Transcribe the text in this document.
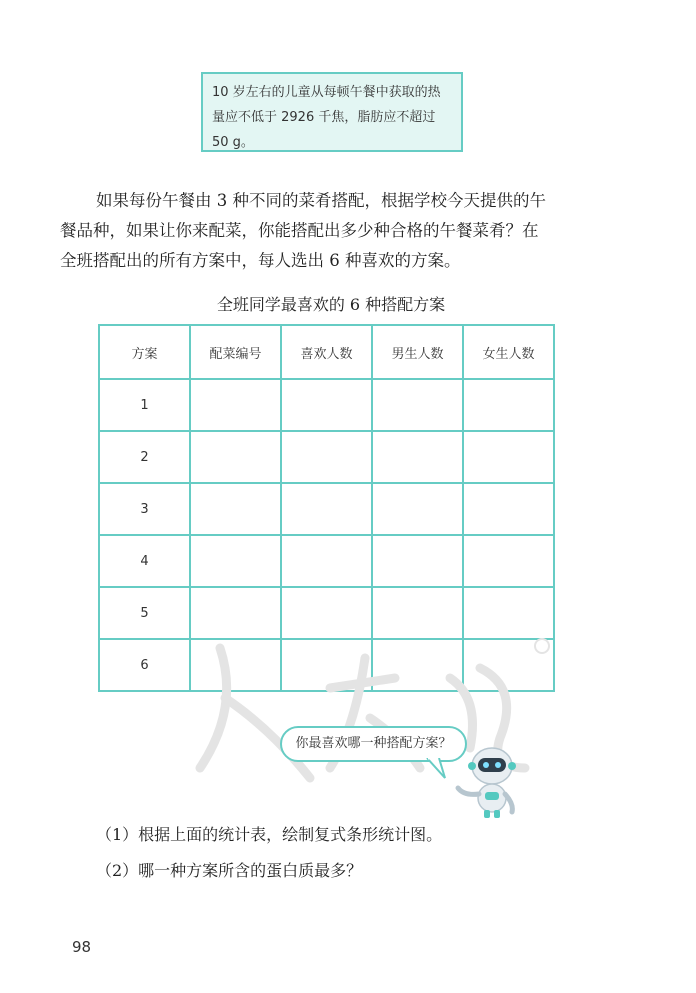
10 岁左右的儿童从每顿午餐中获取的热量应不低于 2926 千焦，脂肪应不超过 50 g。
如果每份午餐由 3 种不同的菜肴搭配，根据学校今天提供的午
餐品种，如果让你来配菜，你能搭配出多少种合格的午餐菜肴？在
全班搭配出的所有方案中，每人选出 6 种喜欢的方案。
全班同学最喜欢的 6 种搭配方案
方案	配菜编号	喜欢人数	男生人数	女生人数
1				
2				
3				
4				
5				
6				
你最喜欢哪一种搭配方案？
（1）根据上面的统计表，绘制复式条形统计图。
（2）哪一种方案所含的蛋白质最多？
98
